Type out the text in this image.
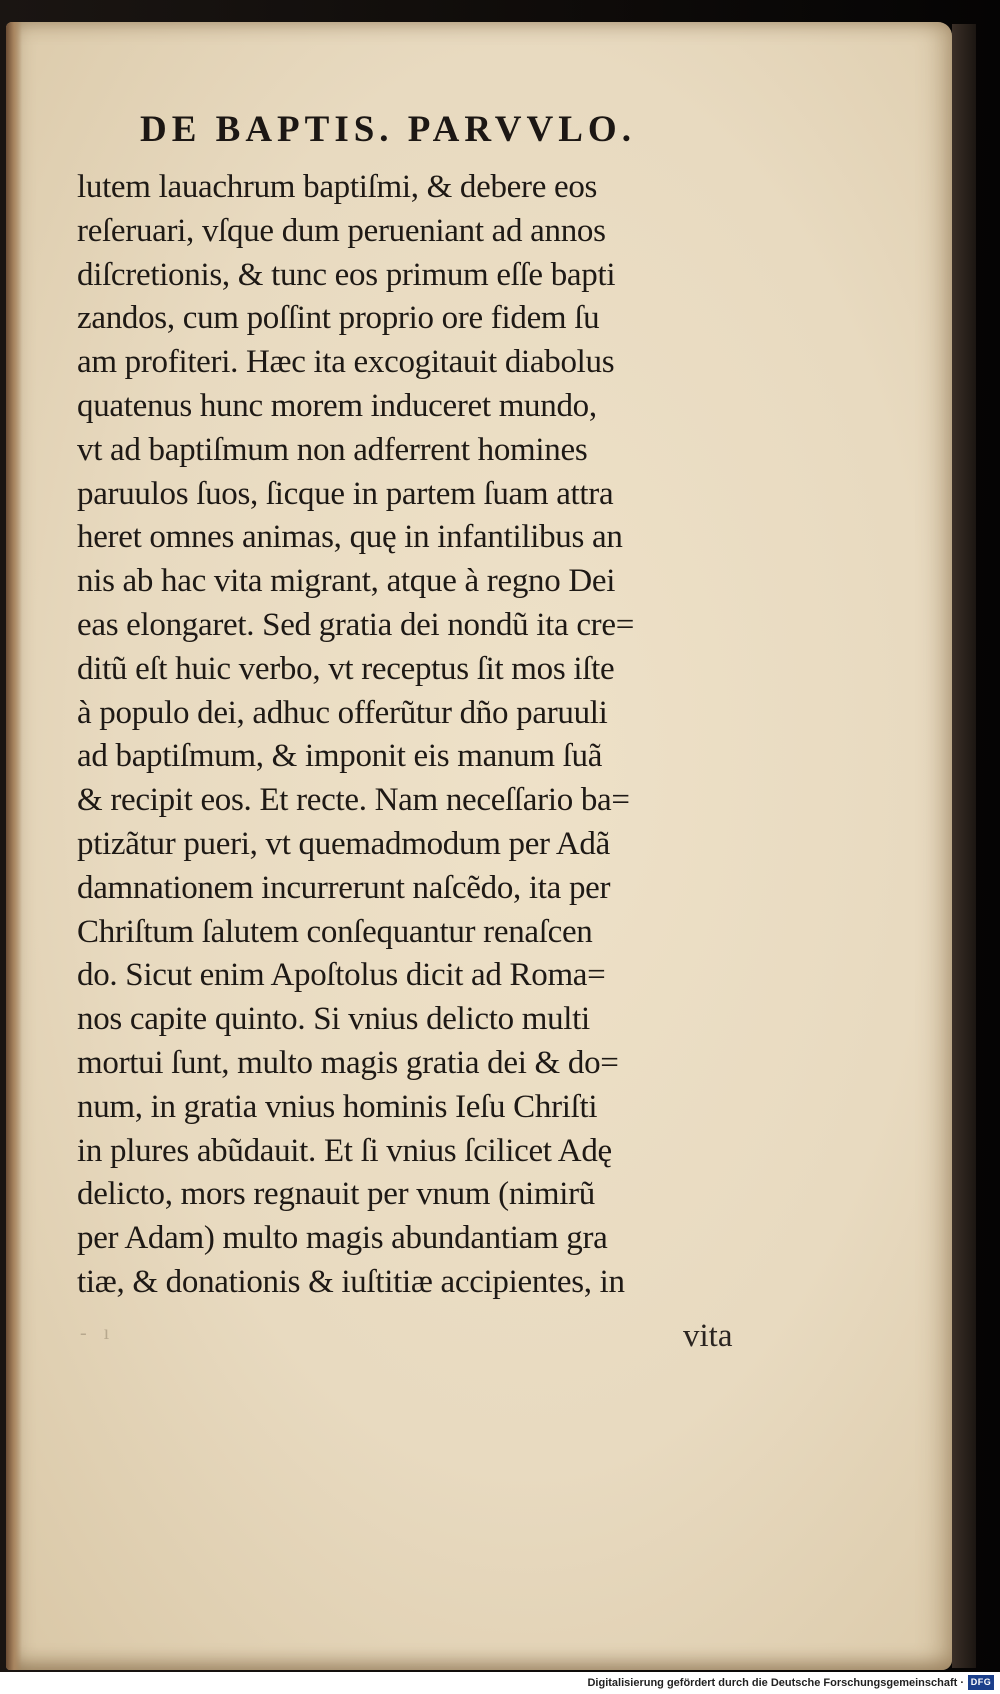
DE BAPTIS. PARVVLO.
lutem lauachrum baptiſmi, & debere eos
reſeruari, vſque dum perueniant ad annos
diſcretionis, & tunc eos primum eſſe bapti
zandos, cum poſſint proprio ore fidem ſu
am profiteri. Hæc ita excogitauit diabolus
quatenus hunc morem induceret mundo,
vt ad baptiſmum non adferrent homines
paruulos ſuos, ſicque in partem ſuam attra
heret omnes animas, quę in infantilibus an
nis ab hac vita migrant, atque à regno Dei
eas elongaret. Sed gratia dei nondũ ita cre=
ditũ eſt huic verbo, vt receptus ſit mos iſte
à populo dei, adhuc offerũtur dño paruuli
ad baptiſmum, & imponit eis manum ſuã
& recipit eos. Et recte. Nam neceſſario ba=
ptizãtur pueri, vt quemadmodum per Adã
damnationem incurrerunt naſcẽdo, ita per
Chriſtum ſalutem conſequantur renaſcen
do. Sicut enim Apoſtolus dicit ad Roma=
nos capite quinto. Si vnius delicto multi
mortui ſunt, multo magis gratia dei & do=
num, in gratia vnius hominis Ieſu Chriſti
in plures abũdauit. Et ſi vnius ſcilicet Adę
delicto, mors regnauit per vnum (nimirũ
per Adam) multo magis abundantiam gra
tiæ, & donationis & iuſtitiæ accipientes, in
- ı	vita
Digitalisierung gefördert durch die Deutsche Forschungsgemeinschaft · DFG
